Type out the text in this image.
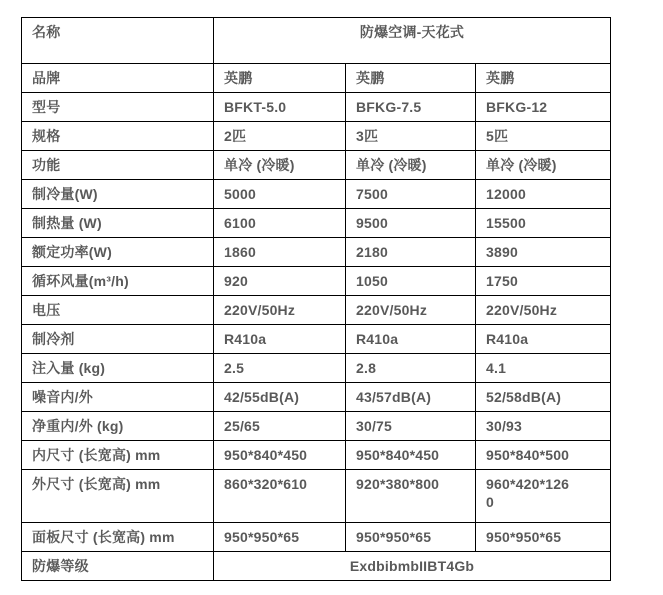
名称	防爆空调-天花式		
品牌	英鹏	英鹏	英鹏
型号	BFKT-5.0	BFKG-7.5	BFKG-12
规格	2匹	3匹	5匹
功能	单冷 (冷暖)	单冷 (冷暖)	单冷 (冷暖)
制冷量(W)	5000	7500	12000
制热量 (W)	6100	9500	15500
额定功率(W)	1860	2180	3890
循环风量(m³/h)	920	1050	1750
电压	220V/50Hz	220V/50Hz	220V/50Hz
制冷剂	R410a	R410a	R410a
注入量 (kg)	2.5	2.8	4.1
噪音内/外	42/55dB(A)	43/57dB(A)	52/58dB(A)
净重内/外 (kg)	25/65	30/75	30/93
内尺寸 (长宽高) mm	950*840*450	950*840*450	950*840*500
外尺寸 (长宽高) mm	860*320*610	920*380*800	960*420*1260
面板尺寸 (长宽高) mm	950*950*65	950*950*65	950*950*65
防爆等级	ExdbibmbIIBT4Gb		
